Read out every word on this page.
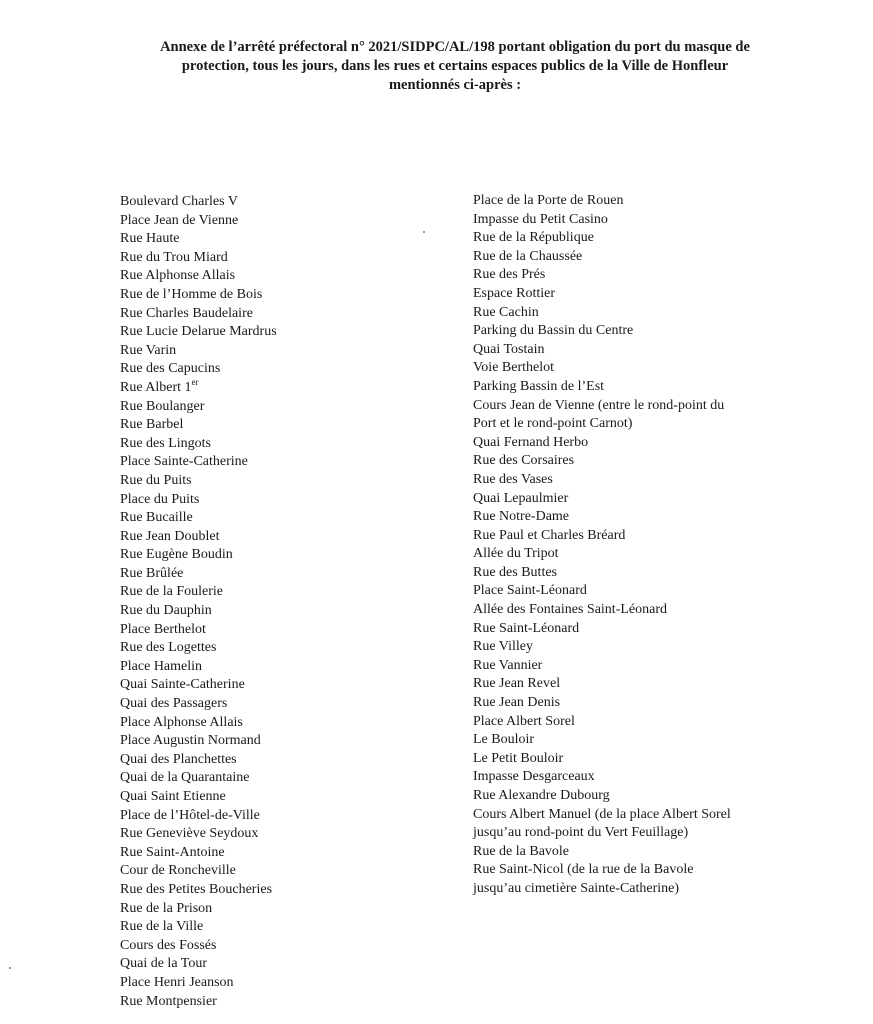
Annexe de l’arrêté préfectoral n° 2021/SIDPC/AL/198 portant obligation du port du masque de
protection, tous les jours, dans les rues et certains espaces publics de la Ville de Honfleur
mentionnés ci-après :
Boulevard Charles V
Place Jean de Vienne
Rue Haute
Rue du Trou Miard
Rue Alphonse Allais
Rue de l’Homme de Bois
Rue Charles Baudelaire
Rue Lucie Delarue Mardrus
Rue Varin
Rue des Capucins
Rue Albert 1er
Rue Boulanger
Rue Barbel
Rue des Lingots
Place Sainte-Catherine
Rue du Puits
Place du Puits
Rue Bucaille
Rue Jean Doublet
Rue Eugène Boudin
Rue Brûlée
Rue de la Foulerie
Rue du Dauphin
Place Berthelot
Rue des Logettes
Place Hamelin
Quai Sainte-Catherine
Quai des Passagers
Place Alphonse Allais
Place Augustin Normand
Quai des Planchettes
Quai de la Quarantaine
Quai Saint Etienne
Place de l’Hôtel-de-Ville
Rue Geneviève Seydoux
Rue Saint-Antoine
Cour de Roncheville
Rue des Petites Boucheries
Rue de la Prison
Rue de la Ville
Cours des Fossés
Quai de la Tour
Place Henri Jeanson
Rue Montpensier
Place de la Porte de Rouen
Impasse du Petit Casino
Rue de la République
Rue de la Chaussée
Rue des Prés
Espace Rottier
Rue Cachin
Parking du Bassin du Centre
Quai Tostain
Voie Berthelot
Parking Bassin de l’Est
Cours Jean de Vienne (entre le rond-point du
Port et le rond-point Carnot)
Quai Fernand Herbo
Rue des Corsaires
Rue des Vases
Quai Lepaulmier
Rue Notre-Dame
Rue Paul et Charles Bréard
Allée du Tripot
Rue des Buttes
Place Saint-Léonard
Allée des Fontaines Saint-Léonard
Rue Saint-Léonard
Rue Villey
Rue Vannier
Rue Jean Revel
Rue Jean Denis
Place Albert Sorel
Le Bouloir
Le Petit Bouloir
Impasse Desgarceaux
Rue Alexandre Dubourg
Cours Albert Manuel (de la place Albert Sorel
jusqu’au rond-point du Vert Feuillage)
Rue de la Bavole
Rue Saint-Nicol (de la rue de la Bavole
jusqu’au cimetière Sainte-Catherine)
